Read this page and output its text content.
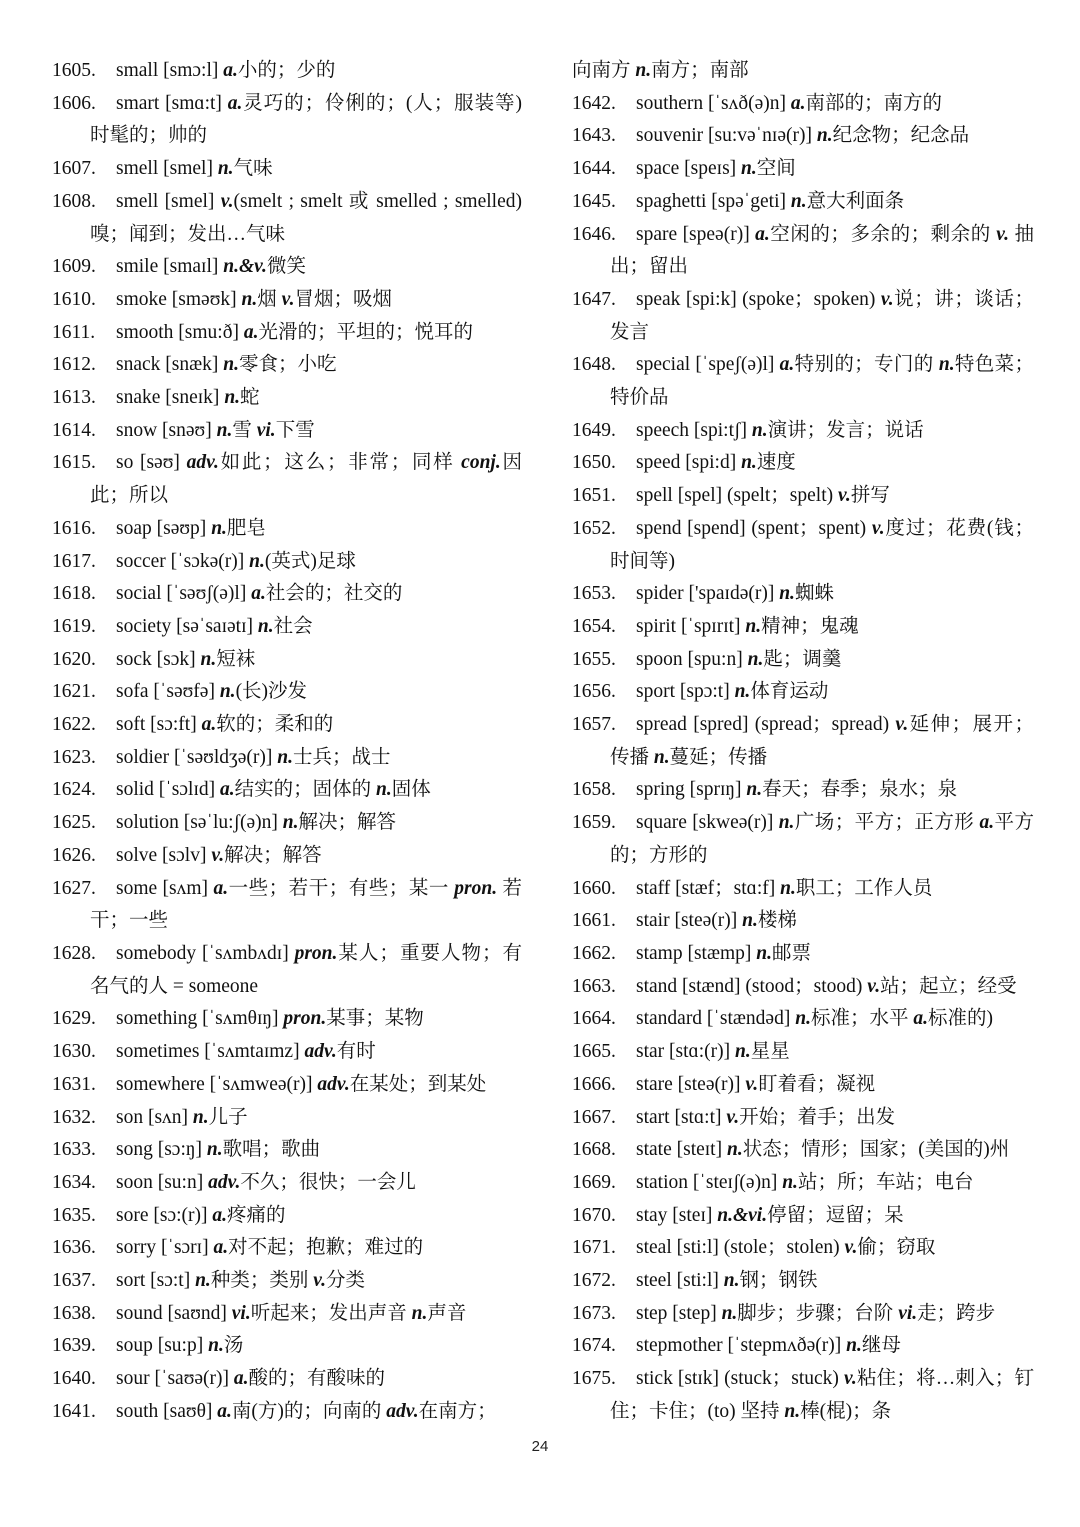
1605. small [smɔ:l] a.小的；少的
1606. smart [smɑ:t] a.灵巧的；伶俐的；(人；服装等)时髦的；帅的
1607. smell [smel] n.气味
1608. smell [smel] v.(smelt ; smelt 或 smelled ; smelled) 嗅；闻到；发出…气味
1609. smile [smaɪl] n.&v.微笑
1610. smoke [sməʊk] n.烟 v.冒烟；吸烟
1611. smooth [smu:ð] a.光滑的；平坦的；悦耳的
1612. snack [snæk] n.零食；小吃
1613. snake [sneɪk] n.蛇
1614. snow [snəʊ] n.雪 vi.下雪
1615. so [səʊ] adv.如此；这么；非常；同样 conj.因此；所以
1616. soap [səʊp] n.肥皂
1617. soccer [ˈsɔkə(r)] n.(英式)足球
1618. social [ˈsəʊʃ(ə)l] a.社会的；社交的
1619. society [səˈsaɪətɪ] n.社会
1620. sock [sɔk] n.短袜
1621. sofa [ˈsəʊfə] n.(长)沙发
1622. soft [sɔ:ft] a.软的；柔和的
1623. soldier [ˈsəʊldʒə(r)] n.士兵；战士
1624. solid [ˈsɔlɪd] a.结实的；固体的 n.固体
1625. solution [səˈlu:ʃ(ə)n] n.解决；解答
1626. solve [sɔlv] v.解决；解答
1627. some [sʌm] a.一些；若干；有些；某一 pron. 若干；一些
1628. somebody [ˈsʌmbʌdɪ] pron.某人；重要人物；有名气的人 = someone
1629. something [ˈsʌmθɪŋ] pron.某事；某物
1630. sometimes [ˈsʌmtaɪmz] adv.有时
1631. somewhere [ˈsʌmweə(r)] adv.在某处；到某处
1632. son [sʌn] n.儿子
1633. song [sɔ:ŋ] n.歌唱；歌曲
1634. soon [su:n] adv.不久；很快；一会儿
1635. sore [sɔ:(r)] a.疼痛的
1636. sorry [ˈsɔrɪ] a.对不起；抱歉；难过的
1637. sort [sɔ:t] n.种类；类别 v.分类
1638. sound [saʊnd] vi.听起来；发出声音 n.声音
1639. soup [su:p] n.汤
1640. sour [ˈsaʊə(r)] a.酸的；有酸味的
1641. south [saʊθ] a.南(方)的；向南的 adv.在南方；
向南方 n.南方；南部
1642. southern [ˈsʌð(ə)n] a.南部的；南方的
1643. souvenir [su:vəˈnɪə(r)] n.纪念物；纪念品
1644. space [speɪs] n.空间
1645. spaghetti [spəˈgeti] n.意大利面条
1646. spare [speə(r)] a.空闲的；多余的；剩余的 v. 抽出；留出
1647. speak [spi:k] (spoke；spoken) v.说；讲；谈话；发言
1648. special [ˈspeʃ(ə)l] a.特别的；专门的 n.特色菜；特价品
1649. speech [spi:tʃ] n.演讲；发言；说话
1650. speed [spi:d] n.速度
1651. spell [spel] (spelt；spelt) v.拼写
1652. spend [spend] (spent；spent) v.度过；花费(钱；时间等)
1653. spider ['spaɪdə(r)] n.蜘蛛
1654. spirit [ˈspɪrɪt] n.精神；鬼魂
1655. spoon [spu:n] n.匙；调羹
1656. sport [spɔ:t] n.体育运动
1657. spread [spred] (spread；spread) v.延伸；展开；传播 n.蔓延；传播
1658. spring [sprɪŋ] n.春天；春季；泉水；泉
1659. square [skweə(r)] n.广场；平方；正方形 a.平方的；方形的
1660. staff [stæf；stɑ:f] n.职工；工作人员
1661. stair [steə(r)] n.楼梯
1662. stamp [stæmp] n.邮票
1663. stand [stænd] (stood；stood) v.站；起立；经受
1664. standard [ˈstændəd] n.标准；水平 a.标准的)
1665. star [stɑ:(r)] n.星星
1666. stare [steə(r)] v.盯着看；凝视
1667. start [stɑ:t] v.开始；着手；出发
1668. state [steɪt] n.状态；情形；国家；(美国的)州
1669. station [ˈsteɪʃ(ə)n] n.站；所；车站；电台
1670. stay [steɪ] n.&vi.停留；逗留；呆
1671. steal [sti:l] (stole；stolen) v.偷；窃取
1672. steel [sti:l] n.钢；钢铁
1673. step [step] n.脚步；步骤；台阶 vi.走；跨步
1674. stepmother [ˈstepmʌðə(r)] n.继母
1675. stick [stɪk] (stuck；stuck) v.粘住；将…刺入；钉住；卡住；(to) 坚持 n.棒(棍)；条
24
